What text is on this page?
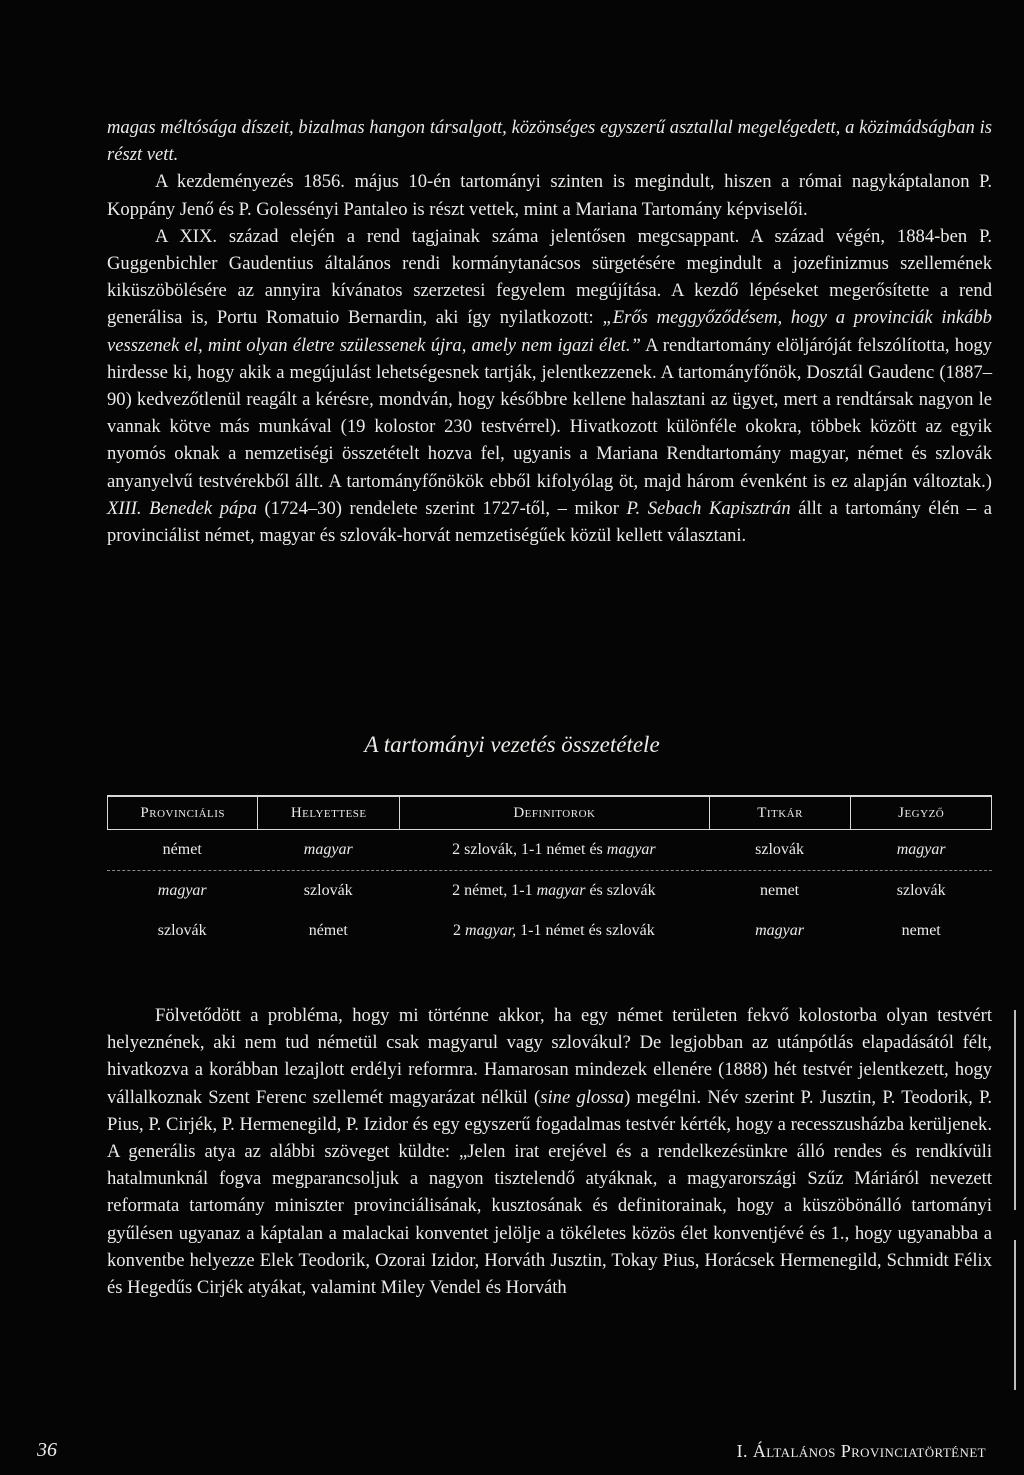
magas méltósága díszeit, bizalmas hangon társalgott, közönséges egyszerű asztallal megelégedett, a közimádságban is részt vett.

A kezdeményezés 1856. május 10-én tartományi szinten is megindult, hiszen a római nagykáptalanon P. Koppány Jenő és P. Golessényi Pantaleo is részt vettek, mint a Mariana Tartomány képviselői.

A XIX. század elején a rend tagjainak száma jelentősen megcsappant. A század végén, 1884-ben P. Guggenbichler Gaudentius általános rendi kormánytanácsos sürgetésére megindult a jozefinizmus szellemének kiküszöbölésére az annyira kívánatos szerzetesi fegyelem megújítása. A kezdő lépéseket megerősítette a rend generálisa is, Portu Romatuio Bernardin, aki így nyilatkozott: „Erős meggyőződésem, hogy a provinciák inkább vesszenek el, mint olyan életre szülessenek újra, amely nem igazi élet.” A rendtartomány elöljáróját felszólította, hogy hirdesse ki, hogy akik a megújulást lehetségesnek tartják, jelentkezzenek. A tartományfőnök, Dosztál Gaudenc (1887–90) kedvezőtlenül reagált a kérésre, mondván, hogy későbbre kellene halasztani az ügyet, mert a rendtársak nagyon le vannak kötve más munkával (19 kolostor 230 testvérrel). Hivatkozott különféle okokra, többek között az egyik nyomós oknak a nemzetiségi összetételt hozva fel, ugyanis a Mariana Rendtartomány magyar, német és szlovák anyanyelvű testvérekből állt. A tartományfőnökök ebből kifolyólag öt, majd három évenként is ez alapján változtak.) XIII. Benedek pápa (1724–30) rendelete szerint 1727-től, – mikor P. Sebach Kapisztrán állt a tartomány élén – a provinciálist német, magyar és szlovák-horvát nemzetiségűek közül kellett választani.

A tartományi vezetés összetétele
Provinciális	Helyettese	Definitorok	Titkár	Jegyző
német	magyar	2 szlovák, 1-1 német és magyar	szlovák	magyar
magyar	szlovák	2 német, 1-1 magyar és szlovák	nemet	szlovák
szlovák	német	2 magyar, 1-1 német és szlovák	magyar	nemet

Fölvetődött a probléma, hogy mi történne akkor, ha egy német területen fekvő kolostorba olyan testvért helyeznének, aki nem tud németül csak magyarul vagy szlovákul? De legjobban az utánpótlás elapadásától félt, hivatkozva a korábban lezajlott erdélyi reformra. Hamarosan mindezek ellenére (1888) hét testvér jelentkezett, hogy vállalkoznak Szent Ferenc szellemét magyarázat nélkül (sine glossa) megélni. Név szerint P. Jusztin, P. Teodorik, P. Pius, P. Cirjék, P. Hermenegild, P. Izidor és egy egyszerű fogadalmas testvér kérték, hogy a recesszusházba kerüljenek. A generális atya az alábbi szöveget küldte: „Jelen irat erejével és a rendelkezésünkre álló rendes és rendkívüli hatalmunknál fogva megparancsoljuk a nagyon tisztelendő atyáknak, a magyarországi Szűz Máriáról nevezett reformata tartomány miniszter provinciálisának, kusztosának és definitorainak, hogy a küszöbönálló tartományi gyűlésen ugyanaz a káptalan a malackai konventet jelölje a tökéletes közös élet konventjévé és 1., hogy ugyanabba a konventbe helyezze Elek Teodorik, Ozorai Izidor, Horváth Jusztin, Tokay Pius, Horácsek Hermenegild, Schmidt Félix és Hegedűs Cirjék atyákat, valamint Miley Vendel és Horváth

36	I. Általános Provinciatörténet
